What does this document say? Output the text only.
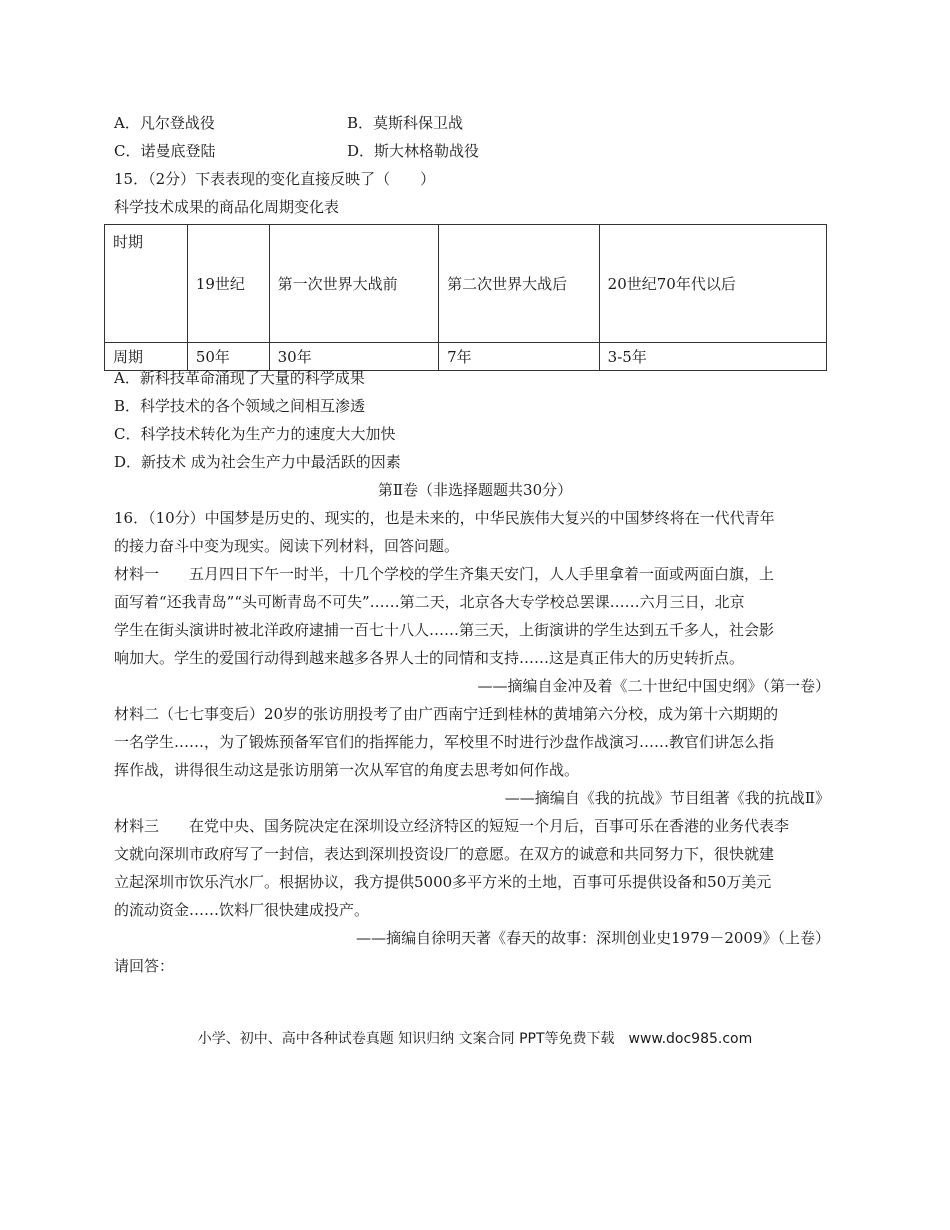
A．凡尔登战役	B．莫斯科保卫战
C．诺曼底登陆	D．斯大林格勒战役
15．（2分）下表表现的变化直接反映了（　　）
科学技术成果的商品化周期变化表
时期	19世纪	第一次世界大战前	第二次世界大战后	20世纪70年代以后
周期	50年	30年	7年	3-5年
A．新科技革命涌现了大量的科学成果
B．科学技术的各个领域之间相互渗透
C．科学技术转化为生产力的速度大大加快
D．新技术 成为社会生产力中最活跃的因素
第Ⅱ卷（非选择题题共30分）
16．（10分）中国梦是历史的、现实的，也是未来的，中华民族伟大复兴的中国梦终将在一代代青年
的接力奋斗中变为现实。阅读下列材料，回答问题。
材料一　　五月四日下午一时半，十几个学校的学生齐集天安门，人人手里拿着一面或两面白旗，上
面写着“还我青岛”“头可断青岛不可失”……第二天，北京各大专学校总罢课……六月三日，北京
学生在街头演讲时被北洋政府逮捕一百七十八人……第三天，上街演讲的学生达到五千多人，社会影
响加大。学生的爱国行动得到越来越多各界人士的同情和支持……这是真正伟大的历史转折点。
——摘编自金冲及着《二十世纪中国史纲》（第一卷）
材料二（七七事变后）20岁的张访朋投考了由广西南宁迁到桂林的黄埔第六分校，成为第十六期期的
一名学生……，为了锻炼预备军官们的指挥能力，军校里不时进行沙盘作战演习……教官们讲怎么指
挥作战，讲得很生动这是张访朋第一次从军官的角度去思考如何作战。
——摘编自《我的抗战》节目组著《我的抗战Ⅱ》
材料三　　在党中央、国务院决定在深圳设立经济特区的短短一个月后，百事可乐在香港的业务代表李
文就向深圳市政府写了一封信，表达到深圳投资设厂的意愿。在双方的诚意和共同努力下，很快就建
立起深圳市饮乐汽水厂。根据协议，我方提供5000多平方米的土地，百事可乐提供设备和50万美元
的流动资金……饮料厂很快建成投产。
——摘编自徐明天著《春天的故事：深圳创业史1979－2009》（上卷）
请回答：
小学、初中、高中各种试卷真题 知识归纳 文案合同 PPT等免费下载　www.doc985.com
